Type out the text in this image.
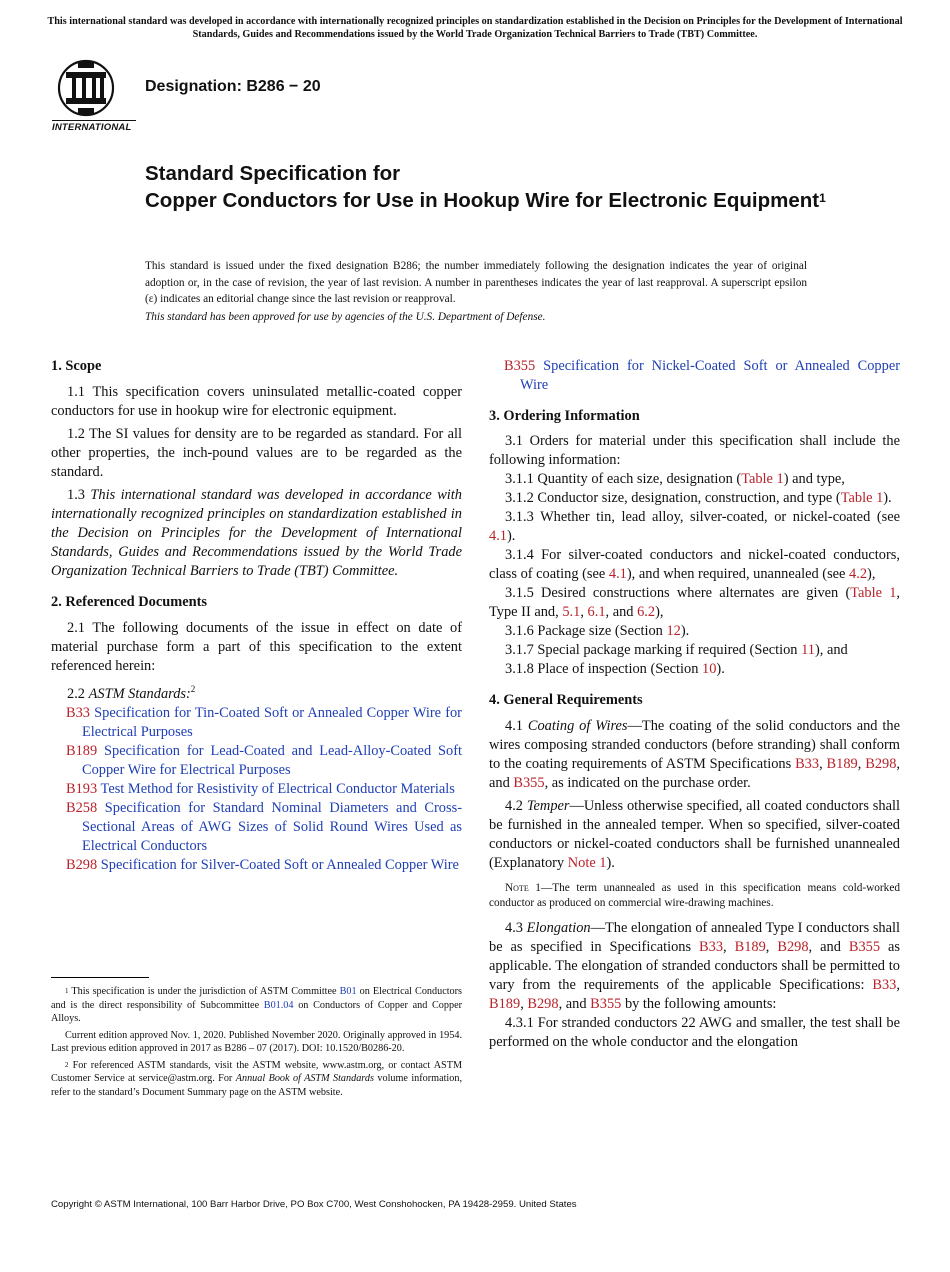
This international standard was developed in accordance with internationally recognized principles on standardization established in the Decision on Principles for the Development of International Standards, Guides and Recommendations issued by the World Trade Organization Technical Barriers to Trade (TBT) Committee.
INTERNATIONAL
Designation: B286 − 20
Standard Specification for
Copper Conductors for Use in Hookup Wire for Electronic Equipment$^1$
This standard is issued under the fixed designation B286; the number immediately following the designation indicates the year of original adoption or, in the case of revision, the year of last revision. A number in parentheses indicates the year of last reapproval. A superscript epsilon (ε) indicates an editorial change since the last revision or reapproval.
This standard has been approved for use by agencies of the U.S. Department of Defense.
1. Scope

1.1 This specification covers uninsulated metallic-coated copper conductors for use in hookup wire for electronic equipment.

1.2 The SI values for density are to be regarded as standard. For all other properties, the inch-pound values are to be regarded as the standard.

1.3 This international standard was developed in accordance with internationally recognized principles on standardization established in the Decision on Principles for the Development of International Standards, Guides and Recommendations issued by the World Trade Organization Technical Barriers to Trade (TBT) Committee.

2. Referenced Documents

2.1 The following documents of the issue in effect on date of material purchase form a part of this specification to the extent referenced herein:

2.2 ASTM Standards:$^2$

B33 Specification for Tin-Coated Soft or Annealed Copper Wire for Electrical Purposes

B189 Specification for Lead-Coated and Lead-Alloy-Coated Soft Copper Wire for Electrical Purposes

B193 Test Method for Resistivity of Electrical Conductor Materials

B258 Specification for Standard Nominal Diameters and Cross-Sectional Areas of AWG Sizes of Solid Round Wires Used as Electrical Conductors

B298 Specification for Silver-Coated Soft or Annealed Copper Wire

$^1$ This specification is under the jurisdiction of ASTM Committee B01 on Electrical Conductors and is the direct responsibility of Subcommittee B01.04 on Conductors of Copper and Copper Alloys.

Current edition approved Nov. 1, 2020. Published November 2020. Originally approved in 1954. Last previous edition approved in 2017 as B286 – 07 (2017). DOI: 10.1520/B0286-20.

$^2$ For referenced ASTM standards, visit the ASTM website, www.astm.org, or contact ASTM Customer Service at service@astm.org. For Annual Book of ASTM Standards volume information, refer to the standard’s Document Summary page on the ASTM website.

B355 Specification for Nickel-Coated Soft or Annealed Copper Wire

3. Ordering Information

3.1 Orders for material under this specification shall include the following information:

3.1.1 Quantity of each size, designation (Table 1) and type,

3.1.2 Conductor size, designation, construction, and type (Table 1).

3.1.3 Whether tin, lead alloy, silver-coated, or nickel-coated (see 4.1).

3.1.4 For silver-coated conductors and nickel-coated conductors, class of coating (see 4.1), and when required, unannealed (see 4.2),

3.1.5 Desired constructions where alternates are given (Table 1, Type II and, 5.1, 6.1, and 6.2),

3.1.6 Package size (Section 12).

3.1.7 Special package marking if required (Section 11), and

3.1.8 Place of inspection (Section 10).

4. General Requirements

4.1 Coating of Wires—The coating of the solid conductors and the wires composing stranded conductors (before stranding) shall conform to the coating requirements of ASTM Specifications B33, B189, B298, and B355, as indicated on the purchase order.

4.2 Temper—Unless otherwise specified, all coated conductors shall be furnished in the annealed temper. When so specified, silver-coated conductors or nickel-coated conductors shall be furnished unannealed (Explanatory Note 1).

Note 1—The term unannealed as used in this specification means cold-worked conductor as produced on commercial wire-drawing machines.

4.3 Elongation—The elongation of annealed Type I conductors shall be as specified in Specifications B33, B189, B298, and B355 as applicable. The elongation of stranded conductors shall be permitted to vary from the requirements of the applicable Specifications: B33, B189, B298, and B355 by the following amounts:

4.3.1 For stranded conductors 22 AWG and smaller, the test shall be performed on the whole conductor and the elongation

Copyright © ASTM International, 100 Barr Harbor Drive, PO Box C700, West Conshohocken, PA 19428-2959. United States
